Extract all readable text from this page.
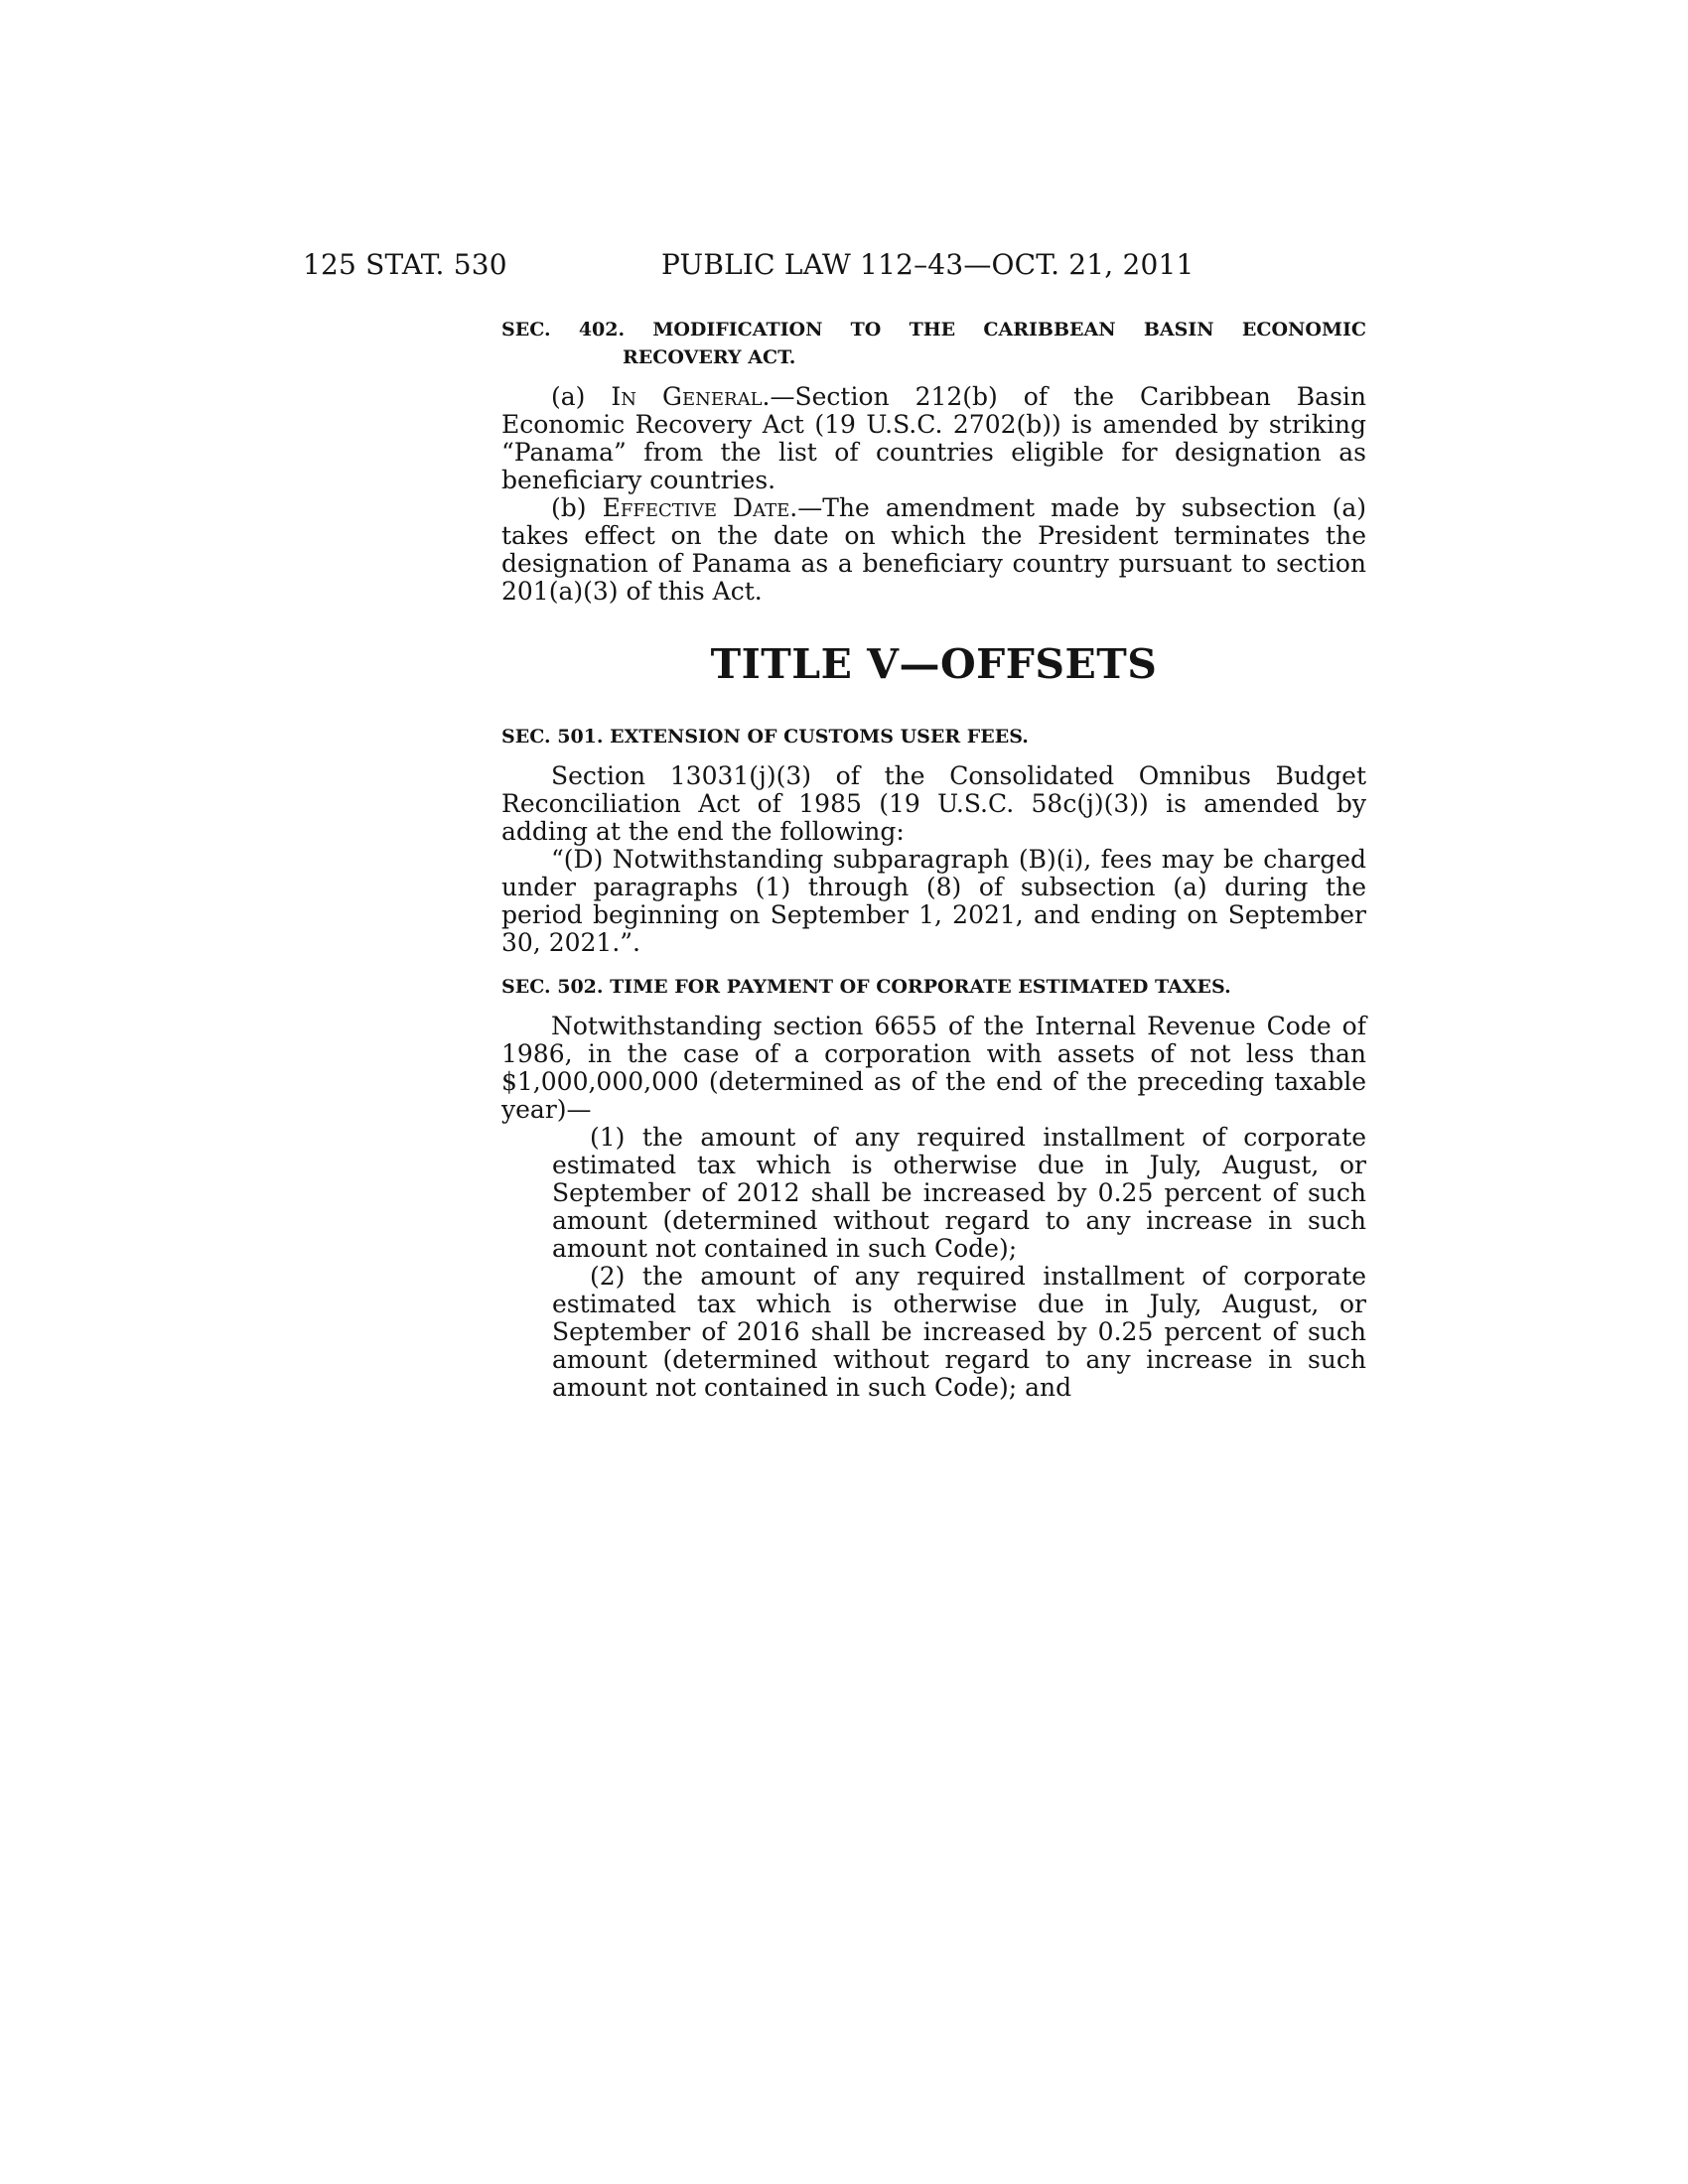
125 STAT. 530	PUBLIC LAW 112–43—OCT. 21, 2011
SEC. 402. MODIFICATION TO THE CARIBBEAN BASIN ECONOMIC
RECOVERY ACT.

(a) In General.—Section 212(b) of the Caribbean Basin Economic Recovery Act (19 U.S.C. 2702(b)) is amended by striking “Panama” from the list of countries eligible for designation as beneficiary countries.

(b) Effective Date.—The amendment made by subsection (a) takes effect on the date on which the President terminates the designation of Panama as a beneficiary country pursuant to section 201(a)(3) of this Act.

TITLE V—OFFSETS
SEC. 501. EXTENSION OF CUSTOMS USER FEES.

Section 13031(j)(3) of the Consolidated Omnibus Budget Reconciliation Act of 1985 (19 U.S.C. 58c(j)(3)) is amended by adding at the end the following:

“(D) Notwithstanding subparagraph (B)(i), fees may be charged under paragraphs (1) through (8) of subsection (a) during the period beginning on September 1, 2021, and ending on September 30, 2021.”.

SEC. 502. TIME FOR PAYMENT OF CORPORATE ESTIMATED TAXES.

Notwithstanding section 6655 of the Internal Revenue Code of 1986, in the case of a corporation with assets of not less than $1,000,000,000 (determined as of the end of the preceding taxable year)—

(1) the amount of any required installment of corporate estimated tax which is otherwise due in July, August, or September of 2012 shall be increased by 0.25 percent of such amount (determined without regard to any increase in such amount not contained in such Code);

(2) the amount of any required installment of corporate estimated tax which is otherwise due in July, August, or September of 2016 shall be increased by 0.25 percent of such amount (determined without regard to any increase in such amount not contained in such Code); and
